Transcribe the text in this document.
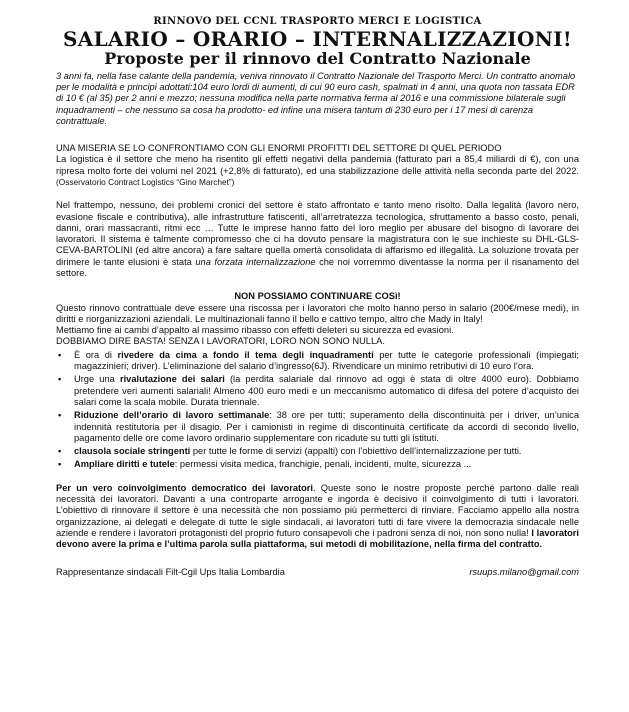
RINNOVO DEL CCNL TRASPORTO MERCI E LOGISTICA
SALARIO – ORARIO – INTERNALIZZAZIONI!
Proposte per il rinnovo del Contratto Nazionale

3 anni fa, nella fase calante della pandemia, veniva rinnovato il Contratto Nazionale del Trasporto Merci. Un contratto anomalo per le modalità e principi adottati:104 euro lordi di aumenti, di cui 90 euro cash, spalmati in 4 anni, una quota non tassata EDR di 10 € (al 35) per 2 anni e mezzo; nessuna modifica nella parte normativa ferma al 2016 e una commissione bilaterale sugli inquadramenti – che nessuno sa cosa ha prodotto- ed infine una misera tantum di 230 euro per i 17 mesi di carenza contrattuale.

UNA MISERIA SE LO CONFRONTIAMO CON GLI ENORMI PROFITTI DEL SETTORE DI QUEL PERIODO

La logistica è il settore che meno ha risentito gli effetti negativi della pandemia (fatturato pari a 85,4 miliardi di €), con una ripresa molto forte dei volumi nel 2021 (+2,8% di fatturato), ed una stabilizzazione delle attività nella seconda parte del 2022. (Osservatorio Contract Logistics “Gino Marchet”)

Nel frattempo, nessuno, dei problemi cronici del settore è stato affrontato e tanto meno risolto. Dalla legalità (lavoro nero, evasione fiscale e contributiva), alle infrastrutture fatiscenti, all’arretratezza tecnologica, sfruttamento a basso costo, penali, danni, orari massacranti, ritmi ecc … Tutte le imprese hanno fatto del loro meglio per abusare del bisogno di lavorare dei lavoratori. Il sistema è talmente compromesso che ci ha dovuto pensare la magistratura con le sue inchieste su DHL-GLS-CEVA-BARTOLINI (ed altre ancora) a fare saltare quella omertà consolidata di affarismo ed illegalità. La soluzione trovata per dirimere le tante elusioni è stata una forzata internalizzazione che noi vorremmo diventasse la norma per il risanamento del settore.

NON POSSIAMO CONTINUARE COSì!

Questo rinnovo contrattuale deve essere una riscossa per i lavoratori che molto hanno perso in salario (200€/mese medi), in diritti e riorganizzazioni aziendali. Le multinazionali fanno il bello e cattivo tempo, altro che Mady in Italy!

Mettiamo fine ai cambi d’appalto al massimo ribasso con effetti deleteri su sicurezza ed evasioni.

DOBBIAMO DIRE BASTA! SENZA I LAVORATORI, LORO NON SONO NULLA.

• È ora di rivedere da cima a fondo il tema degli inquadramenti per tutte le categorie professionali (impiegati; magazzinieri; driver). L’eliminazione del salario d’ingresso(6J). Rivendicare un minimo retributivi di 10 euro l’ora.
• Urge una rivalutazione dei salari (la perdita salariale dal rinnovo ad oggi è stata di oltre 4000 euro). Dobbiamo pretendere veri aumenti salariali! Almeno 400 euro medi e un meccanismo automatico di difesa del potere d’acquisto dei salari come la scala mobile. Durata triennale.
• Riduzione dell’orario di lavoro settimanale: 38 ore per tutti; superamento della discontinuità per i driver, un’unica indennità restitutoria per il disagio. Per i camionisti in regime di discontinuità certificate da accordi di secondo livello, pagamento delle ore come lavoro ordinario supplementare con ricadute su tutti gli istituti.
• clausola sociale stringenti per tutte le forme di servizi (appalti) con l’obiettivo dell’internalizzazione per tutti.
• Ampliare diritti e tutele: permessi visita medica, franchigie, penali, incidenti, multe, sicurezza ...

Per un vero coinvolgimento democratico dei lavoratori. Queste sono le nostre proposte perché partono dalle reali necessità dei lavoratori. Davanti a una controparte arrogante e ingorda è decisivo il coinvolgimento di tutti i lavoratori. L’obiettivo di rinnovare il settore è una necessità che non possiamo più permetterci di rinviare. Facciamo appello alla nostra organizzazione, ai delegati e delegate di tutte le sigle sindacali, ai lavoratori tutti di fare vivere la democrazia sindacale nelle aziende e rendere i lavoratori protagonisti del proprio futuro consapevoli che i padroni senza di noi, non sono nulla! I lavoratori devono avere la prima e l’ultima parola sulla piattaforma, sui metodi di mobilitazione, nella firma del contratto.

Rappresentanze sindacali Filt-Cgil Ups Italia Lombardia	rsuups.milano@gmail.com
